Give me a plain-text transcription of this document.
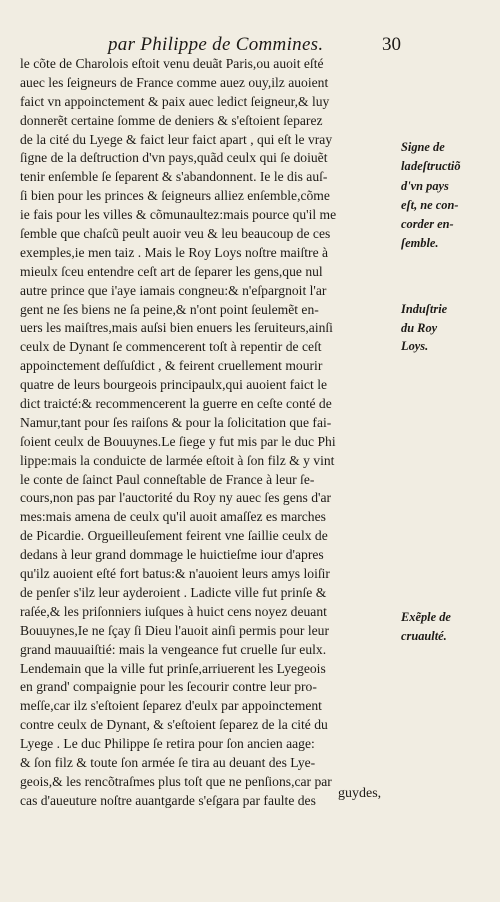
par Philippe de Commines.	30
le cõte de Charolois eſtoit venu deuãt Paris,ou auoit eſté
auec les ſeigneurs de France comme auez ouy,ilz auoient
faict vn appoinctement & paix auec ledict ſeigneur,& luy
donnerẽt certaine ſomme de deniers & s'eſtoient ſeparez
de la cité du Lyege & faict leur faict apart , qui eſt le vray
ſigne de la deſtruction d'vn pays,quãd ceulx qui ſe doiuẽt
tenir enſemble ſe ſeparent & s'abandonnent. Ie le dis auſ-
ſi bien pour les princes & ſeigneurs alliez enſemble,cõme
ie fais pour les villes & cõmunaultez:mais pource qu'il me
ſemble que chaſcũ peult auoir veu & leu beaucoup de ces
exemples,ie men taiz . Mais le Roy Loys noſtre maiſtre à
mieulx ſceu entendre ceſt art de ſeparer les gens,que nul
autre prince que i'aye iamais congneu:& n'eſpargnoit l'ar
gent ne ſes biens ne ſa peine,& n'ont point ſeulemẽt en-
uers les maiſtres,mais auſsi bien enuers les ſeruiteurs,ainſi
ceulx de Dynant ſe commencerent toſt à repentir de ceſt
appoinctement deſſuſdict , & feirent cruellement mourir
quatre de leurs bourgeois principaulx,qui auoient faict le
dict traicté:& recommencerent la guerre en ceſte conté de
Namur,tant pour ſes raiſons & pour la ſolicitation que fai-
ſoient ceulx de Bouuynes.Le ſiege y fut mis par le duc Phi
lippe:mais la conduicte de larmée eſtoit à ſon filz & y vint
le conte de ſainct Paul conneſtable de France à leur ſe-
cours,non pas par l'auctorité du Roy ny auec ſes gens d'ar
mes:mais amena de ceulx qu'il auoit amaſſez es marches
de Picardie. Orgueilleuſement feirent vne ſaillie ceulx de
dedans à leur grand dommage le huictieſme iour d'apres
qu'ilz auoient eſté fort batus:& n'auoient leurs amys loiſir
de penſer s'ilz leur ayderoient . Ladicte ville fut prinſe &
raſée,& les priſonniers iuſques à huict cens noyez deuant
Bouuynes,Ie ne ſçay ſi Dieu l'auoit ainſi permis pour leur
grand mauuaiſtié: mais la vengeance fut cruelle ſur eulx.
Lendemain que la ville fut prinſe,arriuerent les Lyegeois
en grand' compaignie pour les ſecourir contre leur pro-
meſſe,car ilz s'eſtoient ſeparez d'eulx par appoinctement
contre ceulx de Dynant, & s'eſtoient ſeparez de la cité du
Lyege . Le duc Philippe ſe retira pour ſon ancien aage:
& ſon filz & toute ſon armée ſe tira au deuant des Lye-
geois,& les rencõtraſmes plus toſt que ne penſions,car par
cas d'aueuture noſtre auantgarde s'eſgara par faulte des	guydes,
Signe de
la deſtructiõ
d'vn pays
eſt, ne con-
corder en-
ſemble.
Induſtrie
du Roy
Loys.
Exẽple de
cruaulté.
